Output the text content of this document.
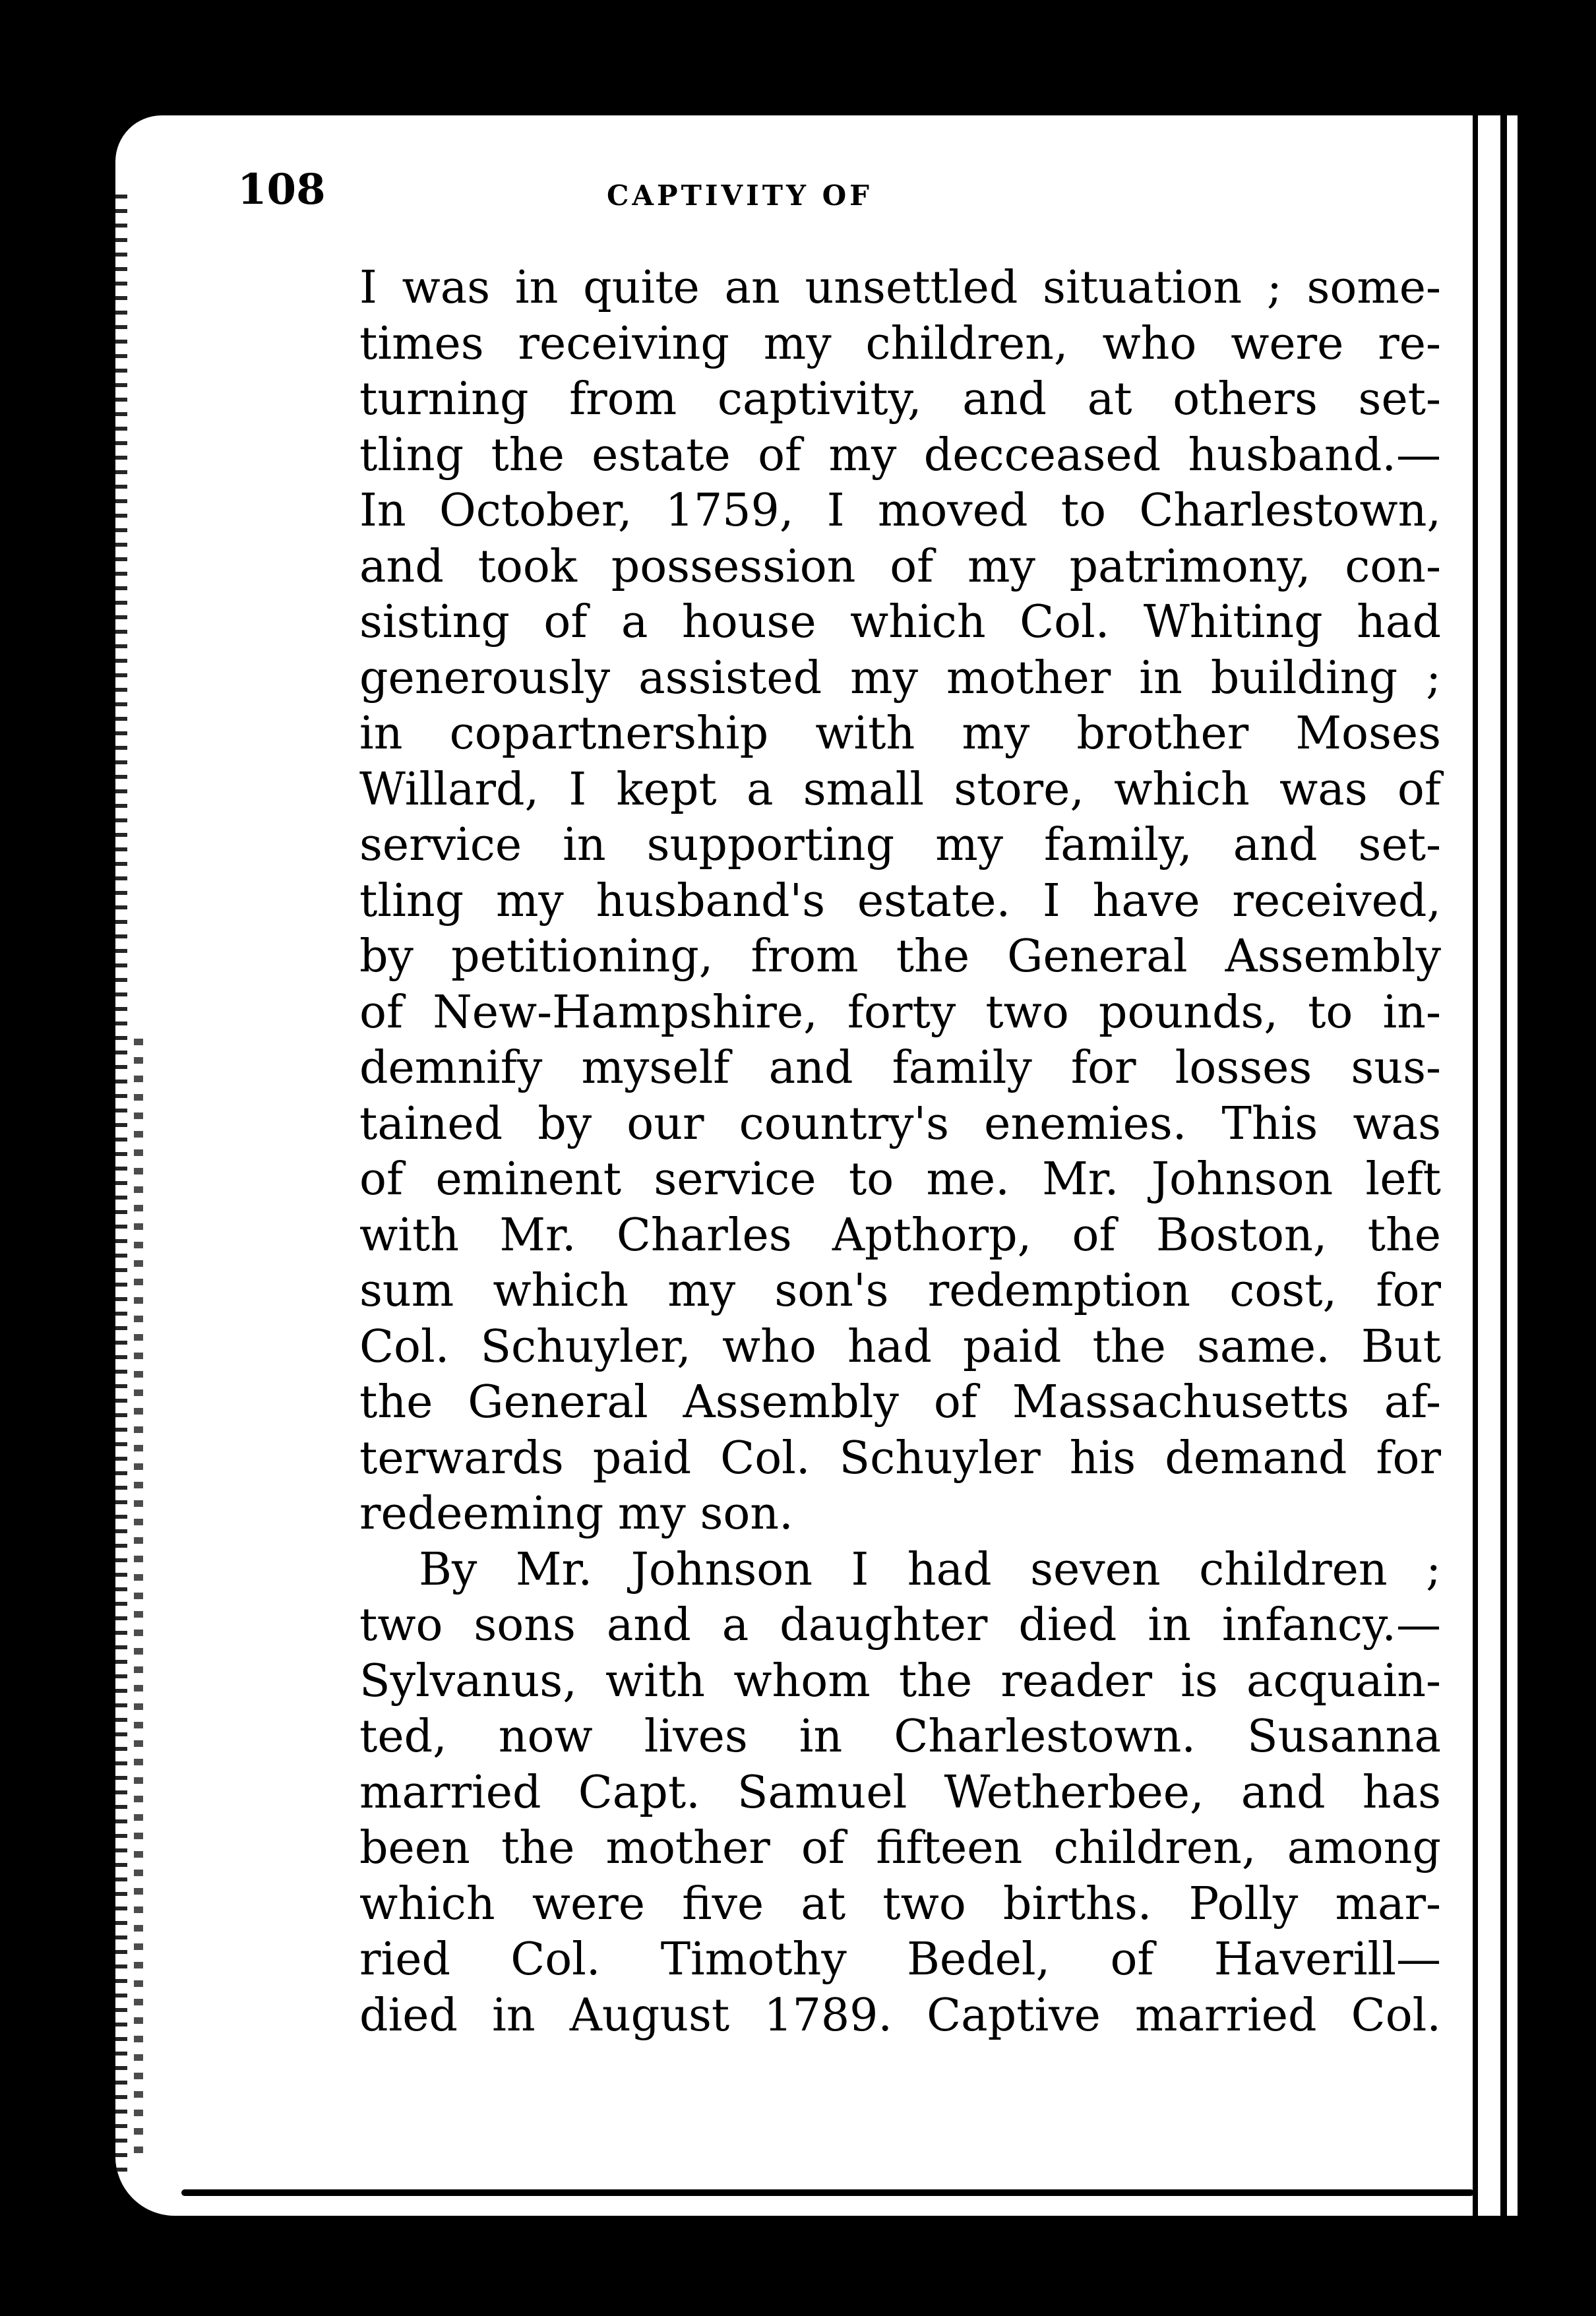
108	CAPTIVITY OF
I was in quite an unsettled situation ; some-
times receiving my children, who were re-
turning from captivity, and at others set-
tling the estate of my decceased husband.—
In October, 1759, I moved to Charlestown,
and took possession of my patrimony, con-
sisting of a house which Col. Whiting had
generously assisted my mother in building ;
in copartnership with my brother Moses
Willard, I kept a small store, which was of
service in supporting my family, and set-
tling my husband's estate. I have received,
by petitioning, from the General Assembly
of New-Hampshire, forty two pounds, to in-
demnify myself and family for losses sus-
tained by our country's enemies. This was
of eminent service to me. Mr. Johnson left
with Mr. Charles Apthorp, of Boston, the
sum which my son's redemption cost, for
Col. Schuyler, who had paid the same. But
the General Assembly of Massachusetts af-
terwards paid Col. Schuyler his demand for
redeeming my son.
By Mr. Johnson I had seven children ;
two sons and a daughter died in infancy.—
Sylvanus, with whom the reader is acquain-
ted, now lives in Charlestown. Susanna
married Capt. Samuel Wetherbee, and has
been the mother of fifteen children, among
which were five at two births. Polly mar-
ried Col. Timothy Bedel, of Haverill—
died in August 1789. Captive married Col.
